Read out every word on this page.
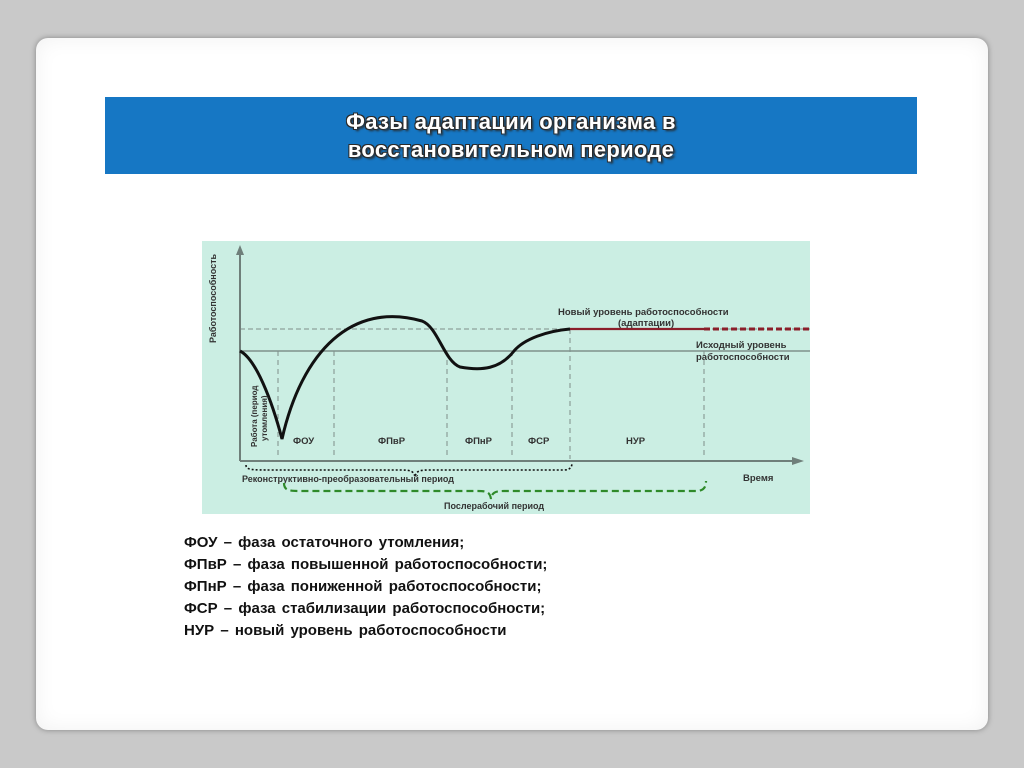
Фазы адаптации организма в
восстановительном периоде
Работоспособность
Работа (период утомления)
Новый уровень работоспособности
(адаптации)
Исходный уровень
работоспособности
ФОУ	ФПвР	ФПнР	ФСР	НУР
Время
Реконструктивно-преобразовательный период
Послерабочий период
ФОУ – фаза остаточного утомления;
ФПвР – фаза повышенной работоспособности;
ФПнР – фаза пониженной работоспособности;
ФСР – фаза стабилизации работоспособности;
НУР – новый уровень работоспособности
